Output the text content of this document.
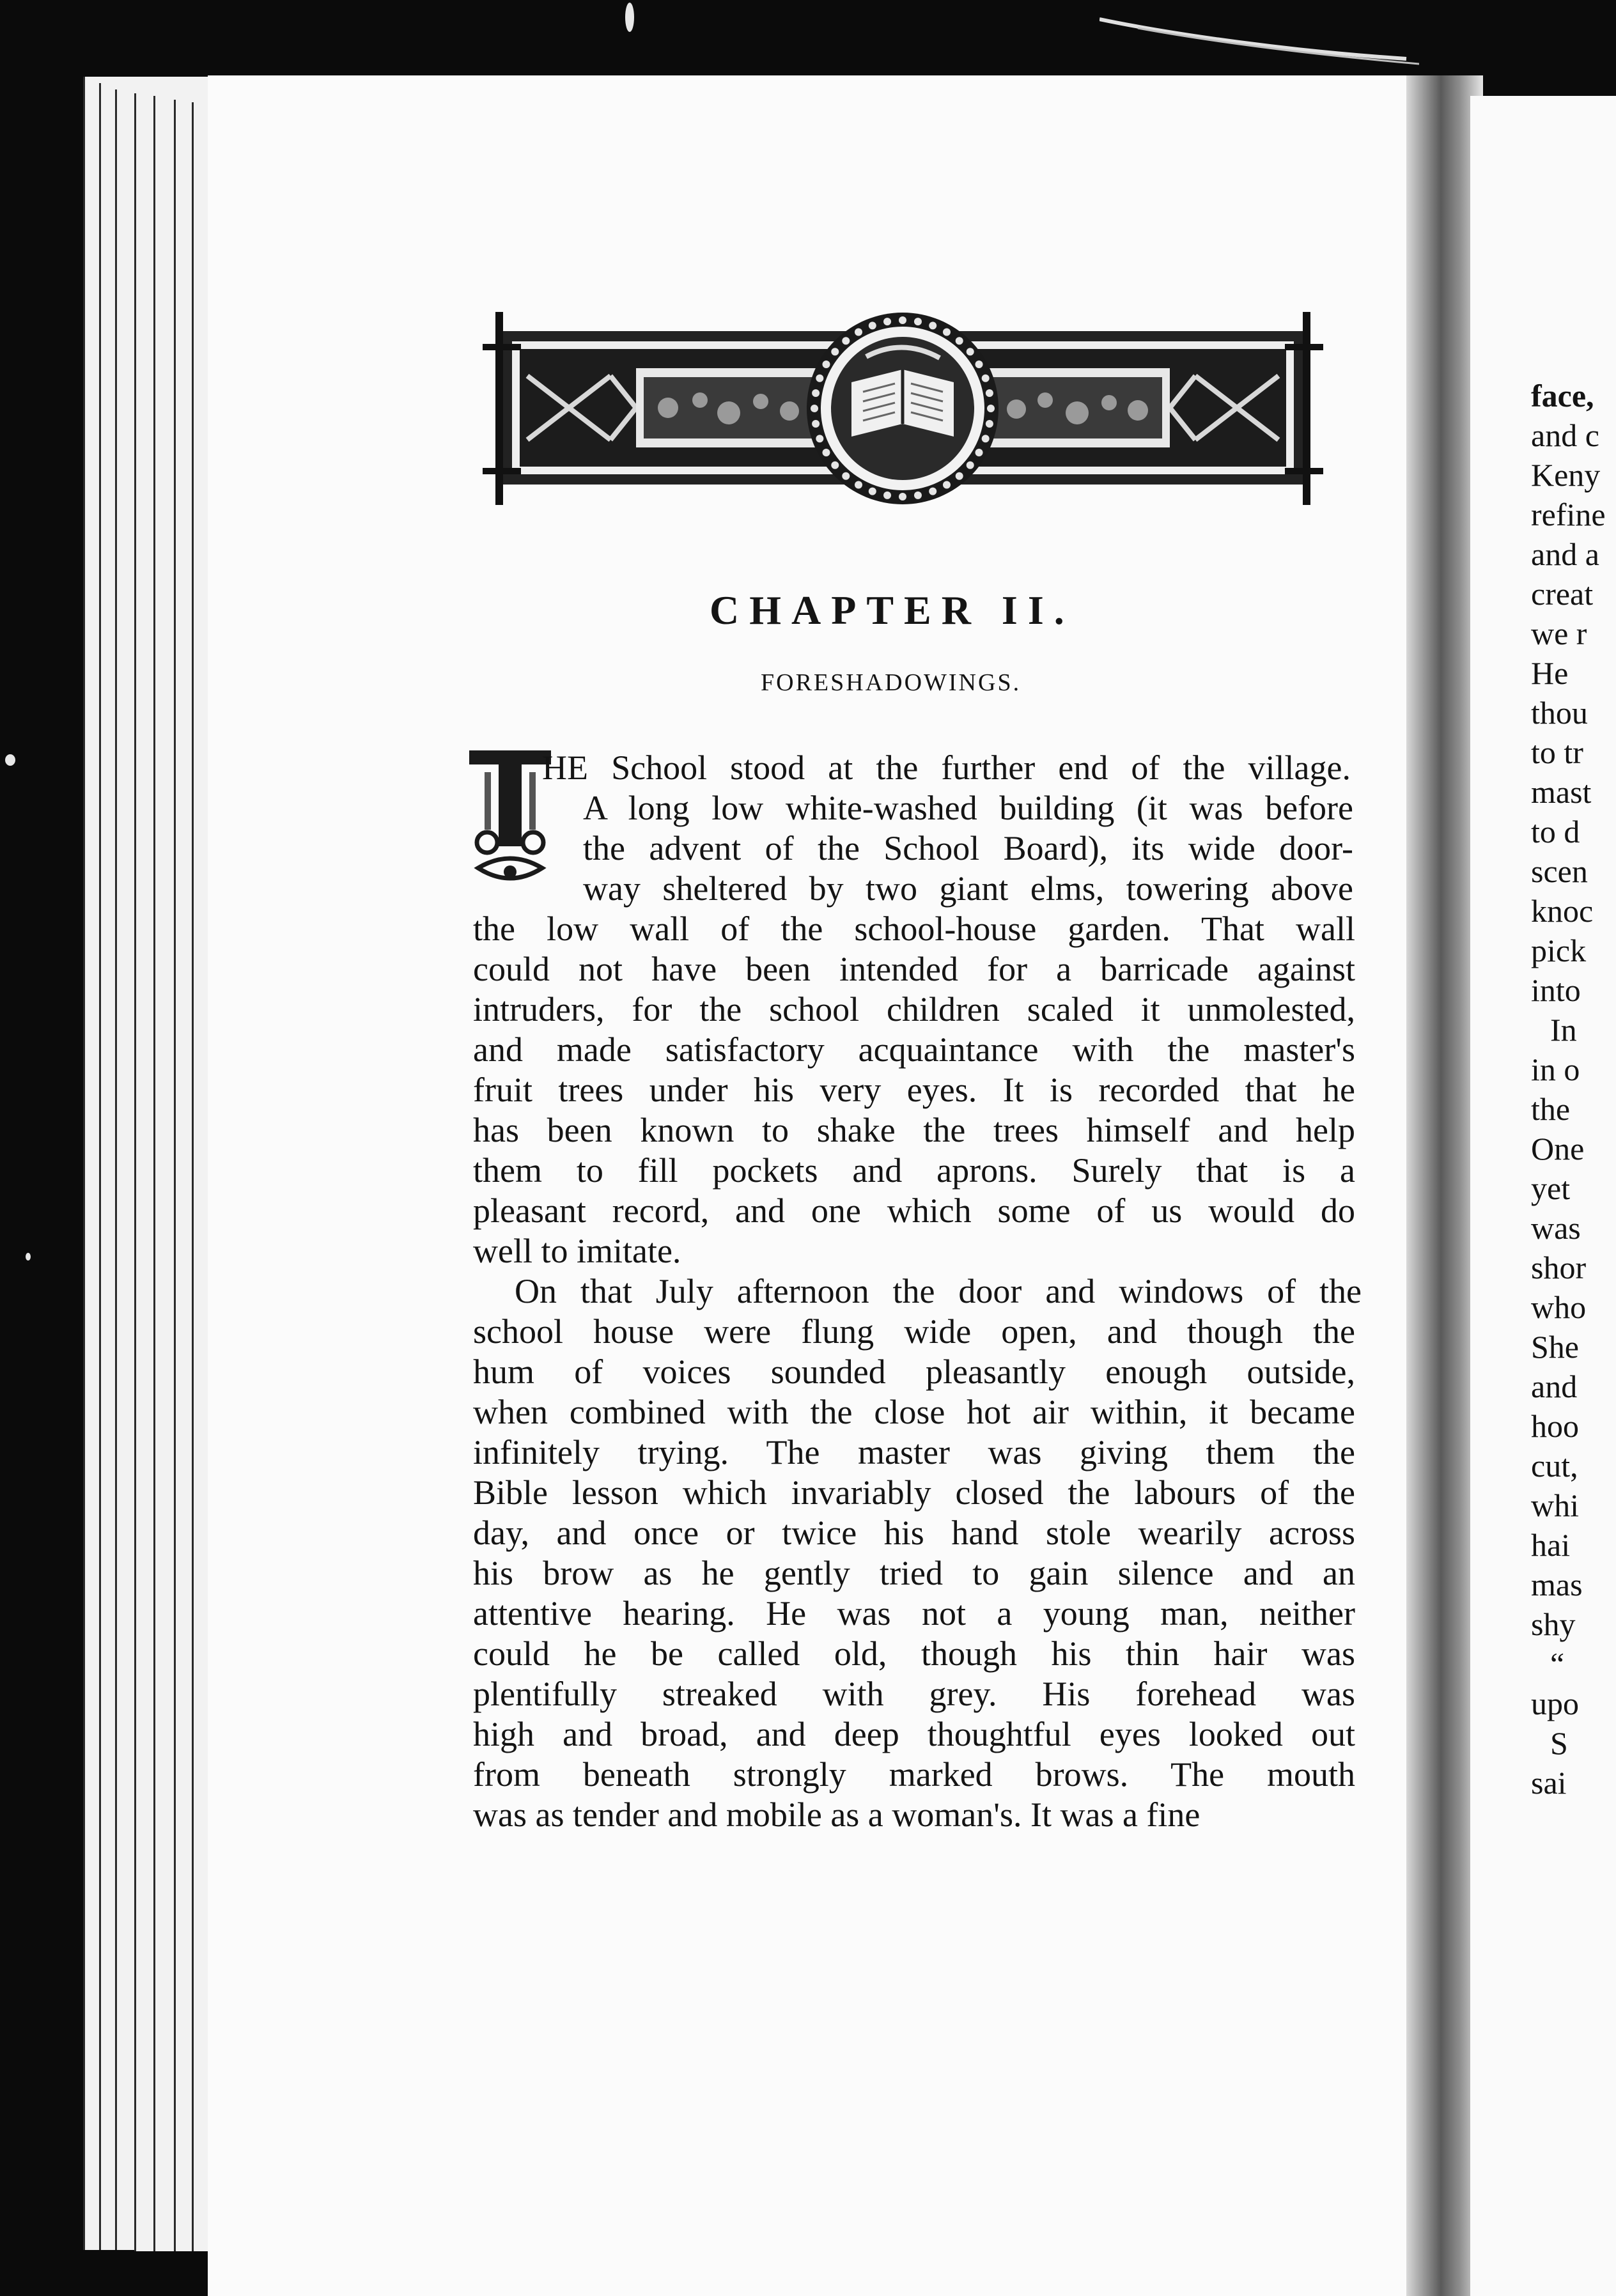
face,
and c
Keny
refine
and a
creat
we r
He
thou
to tr
mast
to d
scen
knoc
pick
into
In
in o
the
One
yet
was
shor
who
She
and
hoo
cut,
whi
hai
mas
shy
“
upo
S
sai
CHAPTER II.
FORESHADOWINGS.
HE School stood at the further end of the village.
A long low white-washed building (it was before
the advent of the School Board), its wide door-
way sheltered by two giant elms, towering above
the low wall of the school-house garden. That wall
could not have been intended for a barricade against
intruders, for the school children scaled it unmolested,
and made satisfactory acquaintance with the master's
fruit trees under his very eyes. It is recorded that he
has been known to shake the trees himself and help
them to fill pockets and aprons. Surely that is a
pleasant record, and one which some of us would do
well to imitate.
On that July afternoon the door and windows of the
school house were flung wide open, and though the
hum of voices sounded pleasantly enough outside,
when combined with the close hot air within, it became
infinitely trying. The master was giving them the
Bible lesson which invariably closed the labours of the
day, and once or twice his hand stole wearily across
his brow as he gently tried to gain silence and an
attentive hearing. He was not a young man, neither
could he be called old, though his thin hair was
plentifully streaked with grey. His forehead was
high and broad, and deep thoughtful eyes looked out
from beneath strongly marked brows. The mouth
was as tender and mobile as a woman's. It was a fine
